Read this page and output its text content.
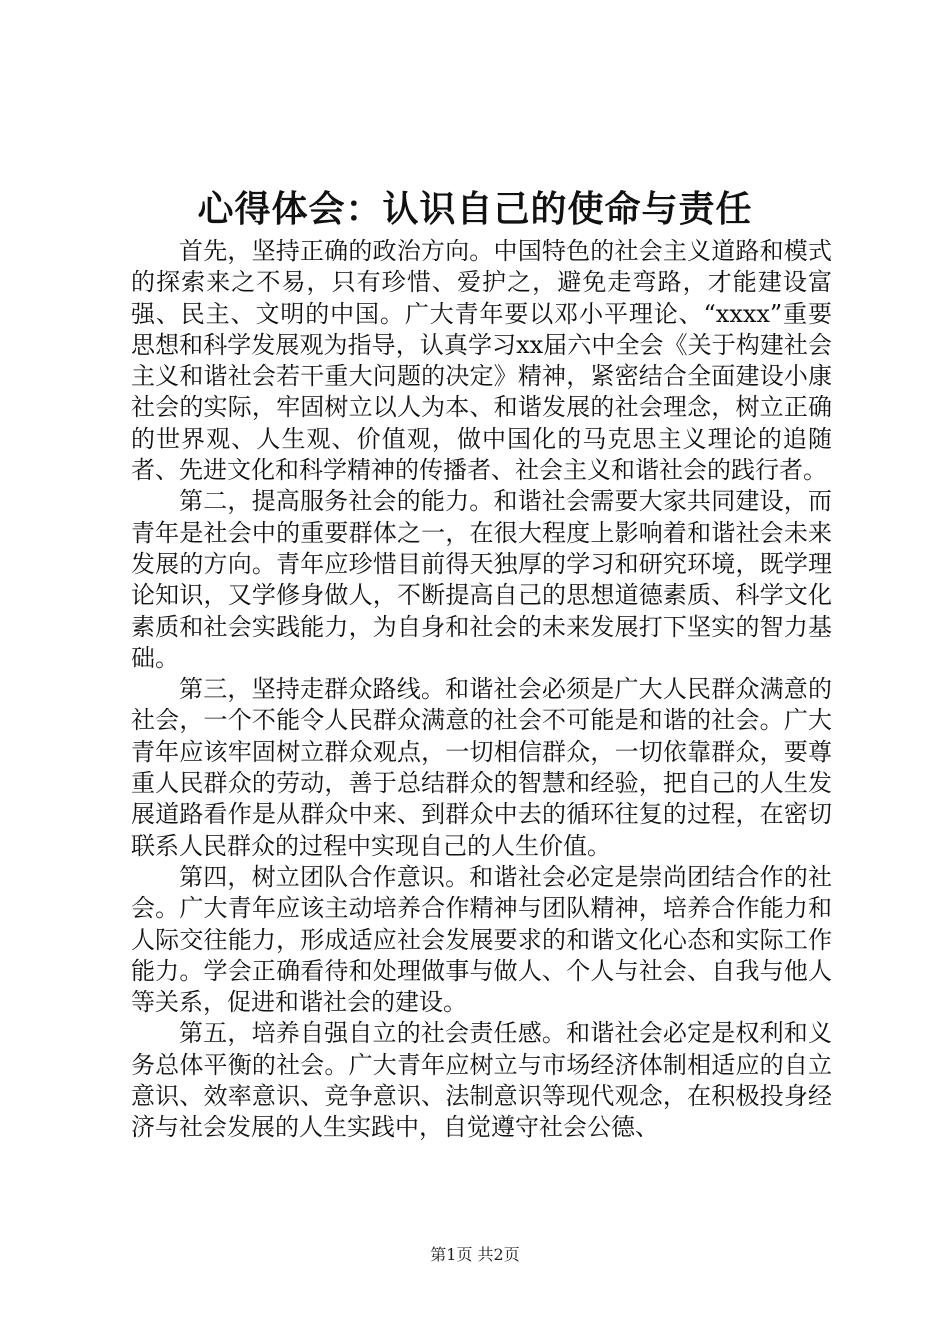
心得体会：认识自己的使命与责任

首先，坚持正确的政治方向。中国特色的社会主义道路和模式的探索来之不易，只有珍惜、爱护之，避免走弯路，才能建设富强、民主、文明的中国。广大青年要以邓小平理论、“xxxx”重要思想和科学发展观为指导，认真学习xx届六中全会《关于构建社会主义和谐社会若干重大问题的决定》精神，紧密结合全面建设小康社会的实际，牢固树立以人为本、和谐发展的社会理念，树立正确的世界观、人生观、价值观，做中国化的马克思主义理论的追随者、先进文化和科学精神的传播者、社会主义和谐社会的践行者。

第二，提高服务社会的能力。和谐社会需要大家共同建设，而青年是社会中的重要群体之一，在很大程度上影响着和谐社会未来发展的方向。青年应珍惜目前得天独厚的学习和研究环境，既学理论知识，又学修身做人，不断提高自己的思想道德素质、科学文化素质和社会实践能力，为自身和社会的未来发展打下坚实的智力基础。

第三，坚持走群众路线。和谐社会必须是广大人民群众满意的社会，一个不能令人民群众满意的社会不可能是和谐的社会。广大青年应该牢固树立群众观点，一切相信群众，一切依靠群众，要尊重人民群众的劳动，善于总结群众的智慧和经验，把自己的人生发展道路看作是从群众中来、到群众中去的循环往复的过程，在密切联系人民群众的过程中实现自己的人生价值。

第四，树立团队合作意识。和谐社会必定是崇尚团结合作的社会。广大青年应该主动培养合作精神与团队精神，培养合作能力和人际交往能力，形成适应社会发展要求的和谐文化心态和实际工作能力。学会正确看待和处理做事与做人、个人与社会、自我与他人等关系，促进和谐社会的建设。

第五，培养自强自立的社会责任感。和谐社会必定是权利和义务总体平衡的社会。广大青年应树立与市场经济体制相适应的自立意识、效率意识、竞争意识、法制意识等现代观念，在积极投身经济与社会发展的人生实践中，自觉遵守社会公德、

第1页 共2页
